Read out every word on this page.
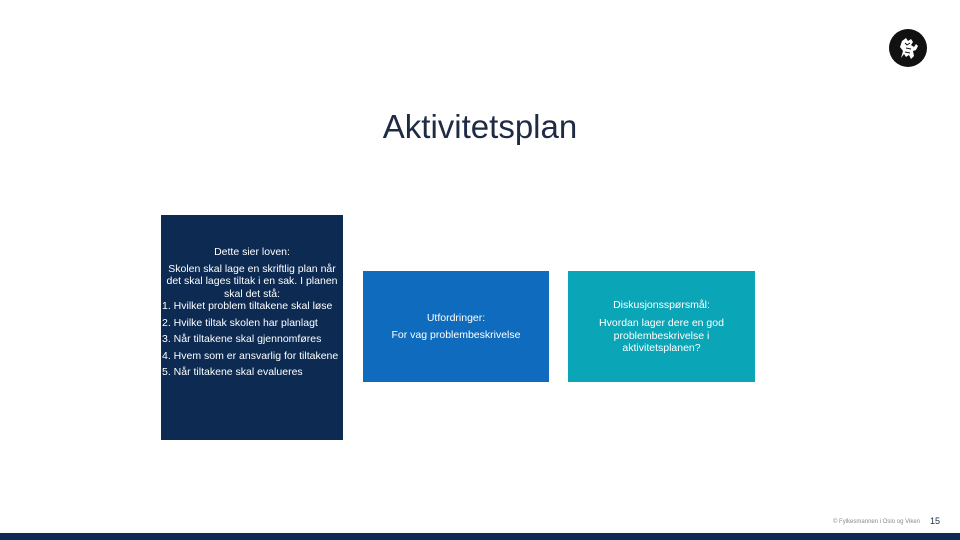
Aktivitetsplan
Dette sier loven:
Skolen skal lage en skriftlig plan når det skal lages tiltak i en sak. I planen skal det stå:
1. Hvilket problem tiltakene skal løse
2. Hvilke tiltak skolen har planlagt
3. Når tiltakene skal gjennomføres
4. Hvem som er ansvarlig for tiltakene
5. Når tiltakene skal evalueres
Utfordringer:
For vag problembeskrivelse
Diskusjonsspørsmål:
Hvordan lager dere en god problembeskrivelse i aktivitetsplanen?
© Fylkesmannen i Oslo og Viken 15
